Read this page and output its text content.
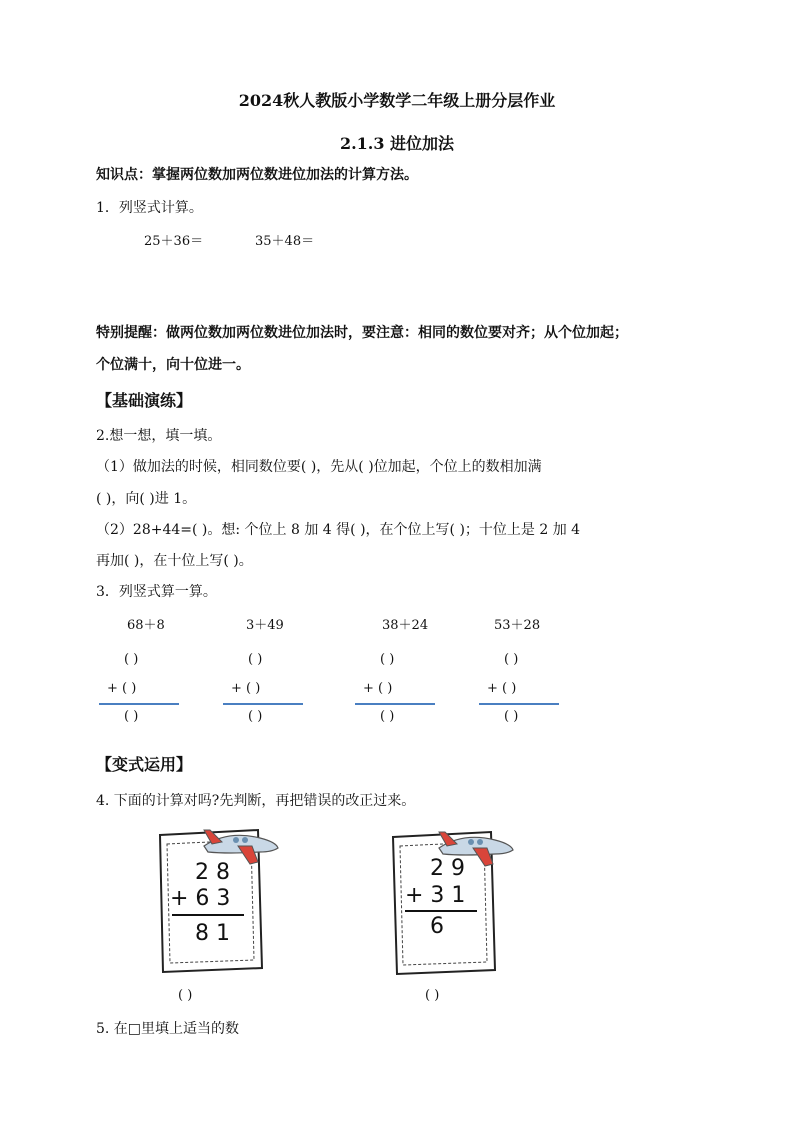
2024秋人教版小学数学二年级上册分层作业
2.1.3 进位加法
知识点：掌握两位数加两位数进位加法的计算方法。
1．列竖式计算。
25＋36＝	35＋48＝
特别提醒：做两位数加两位数进位加法时，要注意：相同的数位要对齐；从个位加起；
个位满十，向十位进一。
【基础演练】
2.想一想，填一填。
（1）做加法的时候，相同数位要( )，先从( )位加起，个位上的数相加满
( )，向( )进 1。
（2）28+44=( )。想: 个位上 8 加 4 得( )，在个位上写( )；十位上是 2 加 4
再加( )，在十位上写( )。
3．列竖式算一算。
68＋8
( )
+ ( )
( )
3＋49
( )
+ ( )
( )
38＋24
( )
+ ( )
( )
53＋28
( )
+ ( )
( )
【变式运用】
4. 下面的计算对吗?先判断，再把错误的改正过来。
2 8
+ 6 3
8 1
( )
2 9
+ 3 1
6
( )
5. 在□里填上适当的数
